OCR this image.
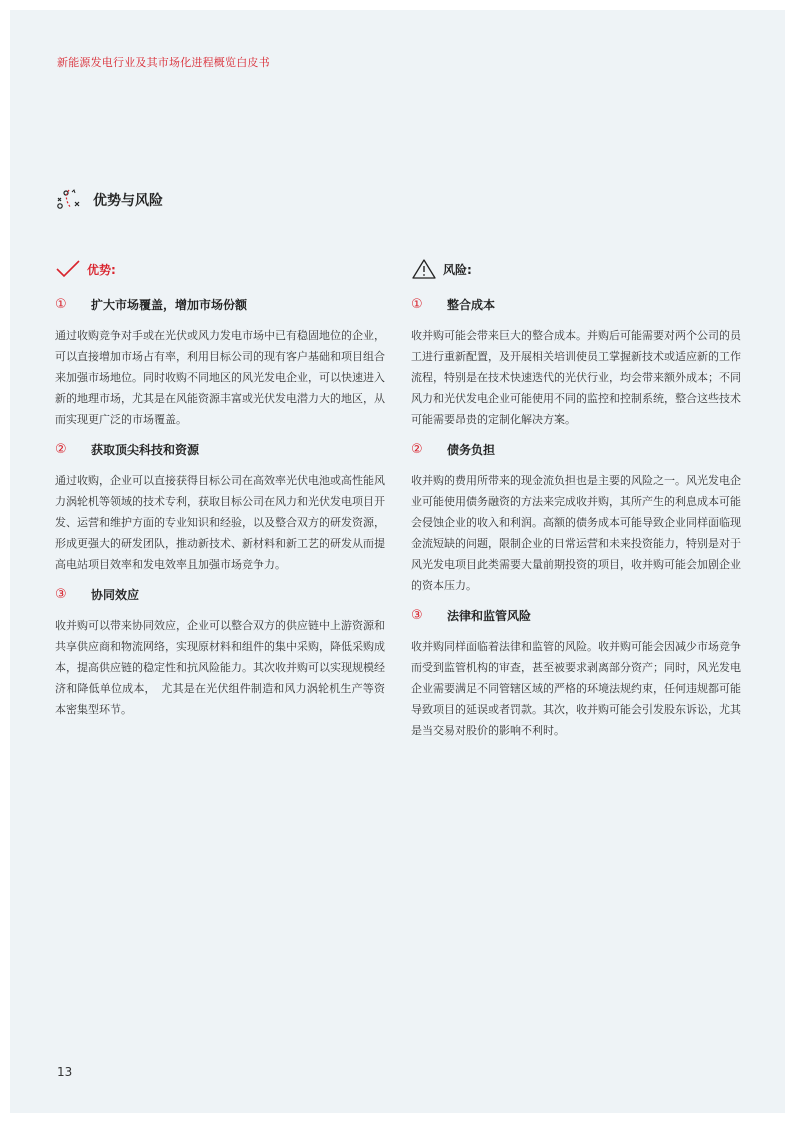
新能源发电行业及其市场化进程概览白皮书
优势与风险
优势:
①	扩大市场覆盖，增加市场份额

通过收购竞争对手或在光伏或风力发电市场中已有稳固地位的企业，可以直接增加市场占有率，利用目标公司的现有客户基础和项目组合来加强市场地位。同时收购不同地区的风光发电企业，可以快速进入新的地理市场，尤其是在风能资源丰富或光伏发电潜力大的地区，从而实现更广泛的市场覆盖。

②	获取顶尖科技和资源

通过收购，企业可以直接获得目标公司在高效率光伏电池或高性能风力涡轮机等领域的技术专利，获取目标公司在风力和光伏发电项目开发、运营和维护方面的专业知识和经验，以及整合双方的研发资源，形成更强大的研发团队，推动新技术、新材料和新工艺的研发从而提高电站项目效率和发电效率且加强市场竞争力。

③	协同效应

收并购可以带来协同效应，企业可以整合双方的供应链中上游资源和共享供应商和物流网络，实现原材料和组件的集中采购，降低采购成本，提高供应链的稳定性和抗风险能力。其次收并购可以实现规模经济和降低单位成本，　尤其是在光伏组件制造和风力涡轮机生产等资本密集型环节。

风险:
①	整合成本

收并购可能会带来巨大的整合成本。并购后可能需要对两个公司的员工进行重新配置，及开展相关培训使员工掌握新技术或适应新的工作流程，特别是在技术快速迭代的光伏行业，均会带来额外成本；不同风力和光伏发电企业可能使用不同的监控和控制系统，整合这些技术可能需要昂贵的定制化解决方案。

②	债务负担

收并购的费用所带来的现金流负担也是主要的风险之一。风光发电企业可能使用债务融资的方法来完成收并购，其所产生的利息成本可能会侵蚀企业的收入和利润。高额的债务成本可能导致企业同样面临现金流短缺的问题，限制企业的日常运营和未来投资能力，特别是对于风光发电项目此类需要大量前期投资的项目，收并购可能会加剧企业的资本压力。

③	法律和监管风险

收并购同样面临着法律和监管的风险。收并购可能会因减少市场竞争而受到监管机构的审查，甚至被要求剥离部分资产；同时，风光发电企业需要满足不同管辖区域的严格的环境法规约束，任何违规都可能导致项目的延误或者罚款。其次，收并购可能会引发股东诉讼，尤其是当交易对股价的影响不利时。

13
